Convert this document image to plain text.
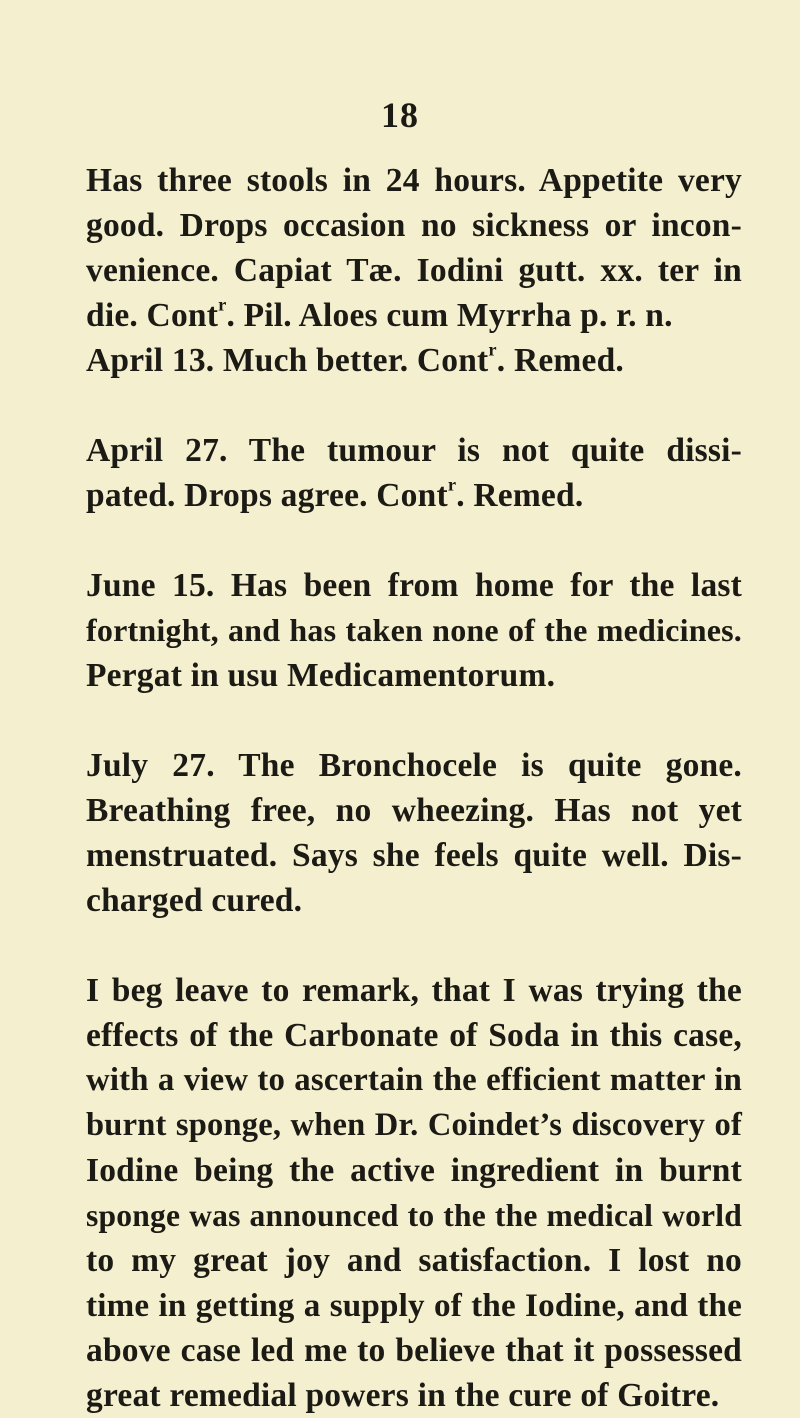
18
Has three stools in 24 hours. Appetite very
good. Drops occasion no sickness or incon-
venience. Capiat Tæ. Iodini gutt. xx. ter in
die. Cont$^r$. Pil. Aloes cum Myrrha p. r. n.
April 13. Much better. Cont$^r$. Remed.
April 27. The tumour is not quite dissi-
pated. Drops agree. Cont$^r$. Remed.
June 15. Has been from home for the last
fortnight, and has taken none of the medicines.
Pergat in usu Medicamentorum.
July 27. The Bronchocele is quite gone.
Breathing free, no wheezing. Has not yet
menstruated. Says she feels quite well. Dis-
charged cured.
I beg leave to remark, that I was trying the
effects of the Carbonate of Soda in this case,
with a view to ascertain the efficient matter in
burnt sponge, when Dr. Coindet’s discovery of
Iodine being the active ingredient in burnt
sponge was announced to the the medical world
to my great joy and satisfaction. I lost no
time in getting a supply of the Iodine, and the
above case led me to believe that it possessed
great remedial powers in the cure of Goitre.
